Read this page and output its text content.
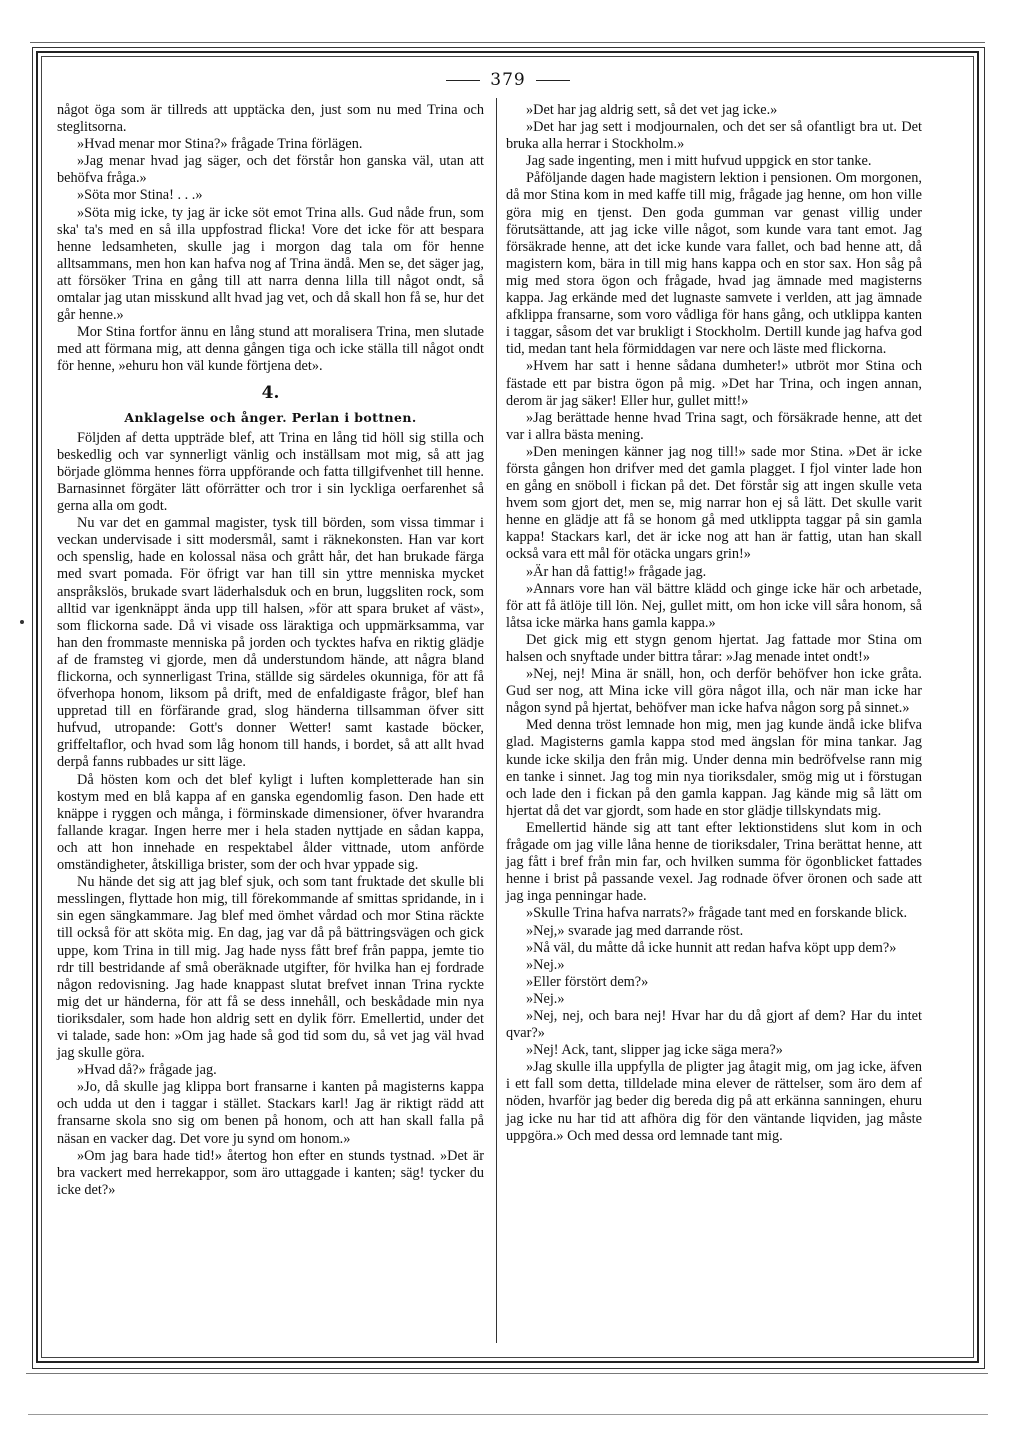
379

något öga som är tillreds att upptäcka den, just som nu med Trina och steglitsorna.

»Hvad menar mor Stina?» frågade Trina förlägen.

»Jag menar hvad jag säger, och det förstår hon ganska väl, utan att behöfva fråga.»

»Söta mor Stina! . . .»

»Söta mig icke, ty jag är icke söt emot Trina alls. Gud nåde frun, som ska' ta's med en så illa uppfostrad flicka! Vore det icke för att bespara henne ledsamheten, skulle jag i morgon dag tala om för henne alltsammans, men hon kan hafva nog af Trina ändå. Men se, det säger jag, att försöker Trina en gång till att narra denna lilla till något ondt, så omtalar jag utan misskund allt hvad jag vet, och då skall hon få se, hur det går henne.»

Mor Stina fortfor ännu en lång stund att moralisera Trina, men slutade med att förmana mig, att denna gången tiga och icke ställa till något ondt för henne, »ehuru hon väl kunde förtjena det».

4.
Anklagelse och ånger. Perlan i bottnen.

Följden af detta uppträde blef, att Trina en lång tid höll sig stilla och beskedlig och var synnerligt vänlig och inställsam mot mig, så att jag började glömma hennes förra uppförande och fatta tillgifvenhet till henne. Barnasinnet förgäter lätt oförrätter och tror i sin lyckliga oerfarenhet så gerna alla om godt.

Nu var det en gammal magister, tysk till börden, som vissa timmar i veckan undervisade i sitt modersmål, samt i räknekonsten. Han var kort och spenslig, hade en kolossal näsa och grått hår, det han brukade färga med svart pomada. För öfrigt var han till sin yttre menniska mycket anspråkslös, brukade svart läderhalsduk och en brun, luggsliten rock, som alltid var igenknäppt ända upp till halsen, »för att spara bruket af väst», som flickorna sade. Då vi visade oss läraktiga och uppmärksamma, var han den frommaste menniska på jorden och tycktes hafva en riktig glädje af de framsteg vi gjorde, men då understundom hände, att några bland flickorna, och synnerligast Trina, ställde sig särdeles okunniga, för att få öfverhopa honom, liksom på drift, med de enfaldigaste frågor, blef han uppretad till en förfärande grad, slog händerna tillsamman öfver sitt hufvud, utropande: Gott's donner Wetter! samt kastade böcker, griffeltaflor, och hvad som låg honom till hands, i bordet, så att allt hvad derpå fanns rubbades ur sitt läge.

Då hösten kom och det blef kyligt i luften kompletterade han sin kostym med en blå kappa af en ganska egendomlig fason. Den hade ett knäppe i ryggen och många, i förminskade dimensioner, öfver hvarandra fallande kragar. Ingen herre mer i hela staden nyttjade en sådan kappa, och att hon innehade en respektabel ålder vittnade, utom anförde omständigheter, åtskilliga brister, som der och hvar yppade sig.

Nu hände det sig att jag blef sjuk, och som tant fruktade det skulle bli messlingen, flyttade hon mig, till förekommande af smittas spridande, in i sin egen sängkammare. Jag blef med ömhet vårdad och mor Stina räckte till också för att sköta mig. En dag, jag var då på bättringsvägen och gick uppe, kom Trina in till mig. Jag hade nyss fått bref från pappa, jemte tio rdr till bestridande af små oberäknade utgifter, för hvilka han ej fordrade någon redovisning. Jag hade knappast slutat brefvet innan Trina ryckte mig det ur händerna, för att få se dess innehåll, och beskådade min nya tioriksdaler, som hade hon aldrig sett en dylik förr. Emellertid, under det vi talade, sade hon: »Om jag hade så god tid som du, så vet jag väl hvad jag skulle göra.

»Hvad då?» frågade jag.

»Jo, då skulle jag klippa bort fransarne i kanten på magisterns kappa och udda ut den i taggar i stället. Stackars karl! Jag är riktigt rädd att fransarne skola sno sig om benen på honom, och att han skall falla på näsan en vacker dag. Det vore ju synd om honom.»

»Om jag bara hade tid!» återtog hon efter en stunds tystnad. »Det är bra vackert med herrekappor, som äro uttaggade i kanten; säg! tycker du icke det?»

»Det har jag aldrig sett, så det vet jag icke.»

»Det har jag sett i modjournalen, och det ser så ofantligt bra ut. Det bruka alla herrar i Stockholm.»

Jag sade ingenting, men i mitt hufvud uppgick en stor tanke.

Påföljande dagen hade magistern lektion i pensionen. Om morgonen, då mor Stina kom in med kaffe till mig, frågade jag henne, om hon ville göra mig en tjenst. Den goda gumman var genast villig under förutsättande, att jag icke ville något, som kunde vara tant emot. Jag försäkrade henne, att det icke kunde vara fallet, och bad henne att, då magistern kom, bära in till mig hans kappa och en stor sax. Hon såg på mig med stora ögon och frågade, hvad jag ämnade med magisterns kappa. Jag erkände med det lugnaste samvete i verlden, att jag ämnade afklippa fransarne, som voro vådliga för hans gång, och utklippa kanten i taggar, såsom det var brukligt i Stockholm. Dertill kunde jag hafva god tid, medan tant hela förmiddagen var nere och läste med flickorna.

»Hvem har satt i henne sådana dumheter!» utbröt mor Stina och fästade ett par bistra ögon på mig. »Det har Trina, och ingen annan, derom är jag säker! Eller hur, gullet mitt!»

»Jag berättade henne hvad Trina sagt, och försäkrade henne, att det var i allra bästa mening.

»Den meningen känner jag nog till!» sade mor Stina. »Det är icke första gången hon drifver med det gamla plagget. I fjol vinter lade hon en gång en snöboll i fickan på det. Det förstår sig att ingen skulle veta hvem som gjort det, men se, mig narrar hon ej så lätt. Det skulle varit henne en glädje att få se honom gå med utklippta taggar på sin gamla kappa! Stackars karl, det är icke nog att han är fattig, utan han skall också vara ett mål för otäcka ungars grin!»

»Är han då fattig!» frågade jag.

»Annars vore han väl bättre klädd och ginge icke här och arbetade, för att få ätlöje till lön. Nej, gullet mitt, om hon icke vill såra honom, så låtsa icke märka hans gamla kappa.»

Det gick mig ett stygn genom hjertat. Jag fattade mor Stina om halsen och snyftade under bittra tårar: »Jag menade intet ondt!»

»Nej, nej! Mina är snäll, hon, och derför behöfver hon icke gråta. Gud ser nog, att Mina icke vill göra något illa, och när man icke har någon synd på hjertat, behöfver man icke hafva någon sorg på sinnet.»

Med denna tröst lemnade hon mig, men jag kunde ändå icke blifva glad. Magisterns gamla kappa stod med ängslan för mina tankar. Jag kunde icke skilja den från mig. Under denna min bedröfvelse rann mig en tanke i sinnet. Jag tog min nya tioriksdaler, smög mig ut i förstugan och lade den i fickan på den gamla kappan. Jag kände mig så lätt om hjertat då det var gjordt, som hade en stor glädje tillskyndats mig.

Emellertid hände sig att tant efter lektionstidens slut kom in och frågade om jag ville låna henne de tioriksdaler, Trina berättat henne, att jag fått i bref från min far, och hvilken summa för ögonblicket fattades henne i brist på passande vexel. Jag rodnade öfver öronen och sade att jag inga penningar hade.

»Skulle Trina hafva narrats?» frågade tant med en forskande blick.

»Nej,» svarade jag med darrande röst.

»Nå väl, du måtte då icke hunnit att redan hafva köpt upp dem?»

»Nej.»

»Eller förstört dem?»

»Nej.»

»Nej, nej, och bara nej! Hvar har du då gjort af dem? Har du intet qvar?»

»Nej! Ack, tant, slipper jag icke säga mera?»

»Jag skulle illa uppfylla de pligter jag åtagit mig, om jag icke, äfven i ett fall som detta, tilldelade mina elever de rättelser, som äro dem af nöden, hvarför jag beder dig bereda dig på att erkänna sanningen, ehuru jag icke nu har tid att afhöra dig för den väntande liqviden, jag måste uppgöra.» Och med dessa ord lemnade tant mig.
